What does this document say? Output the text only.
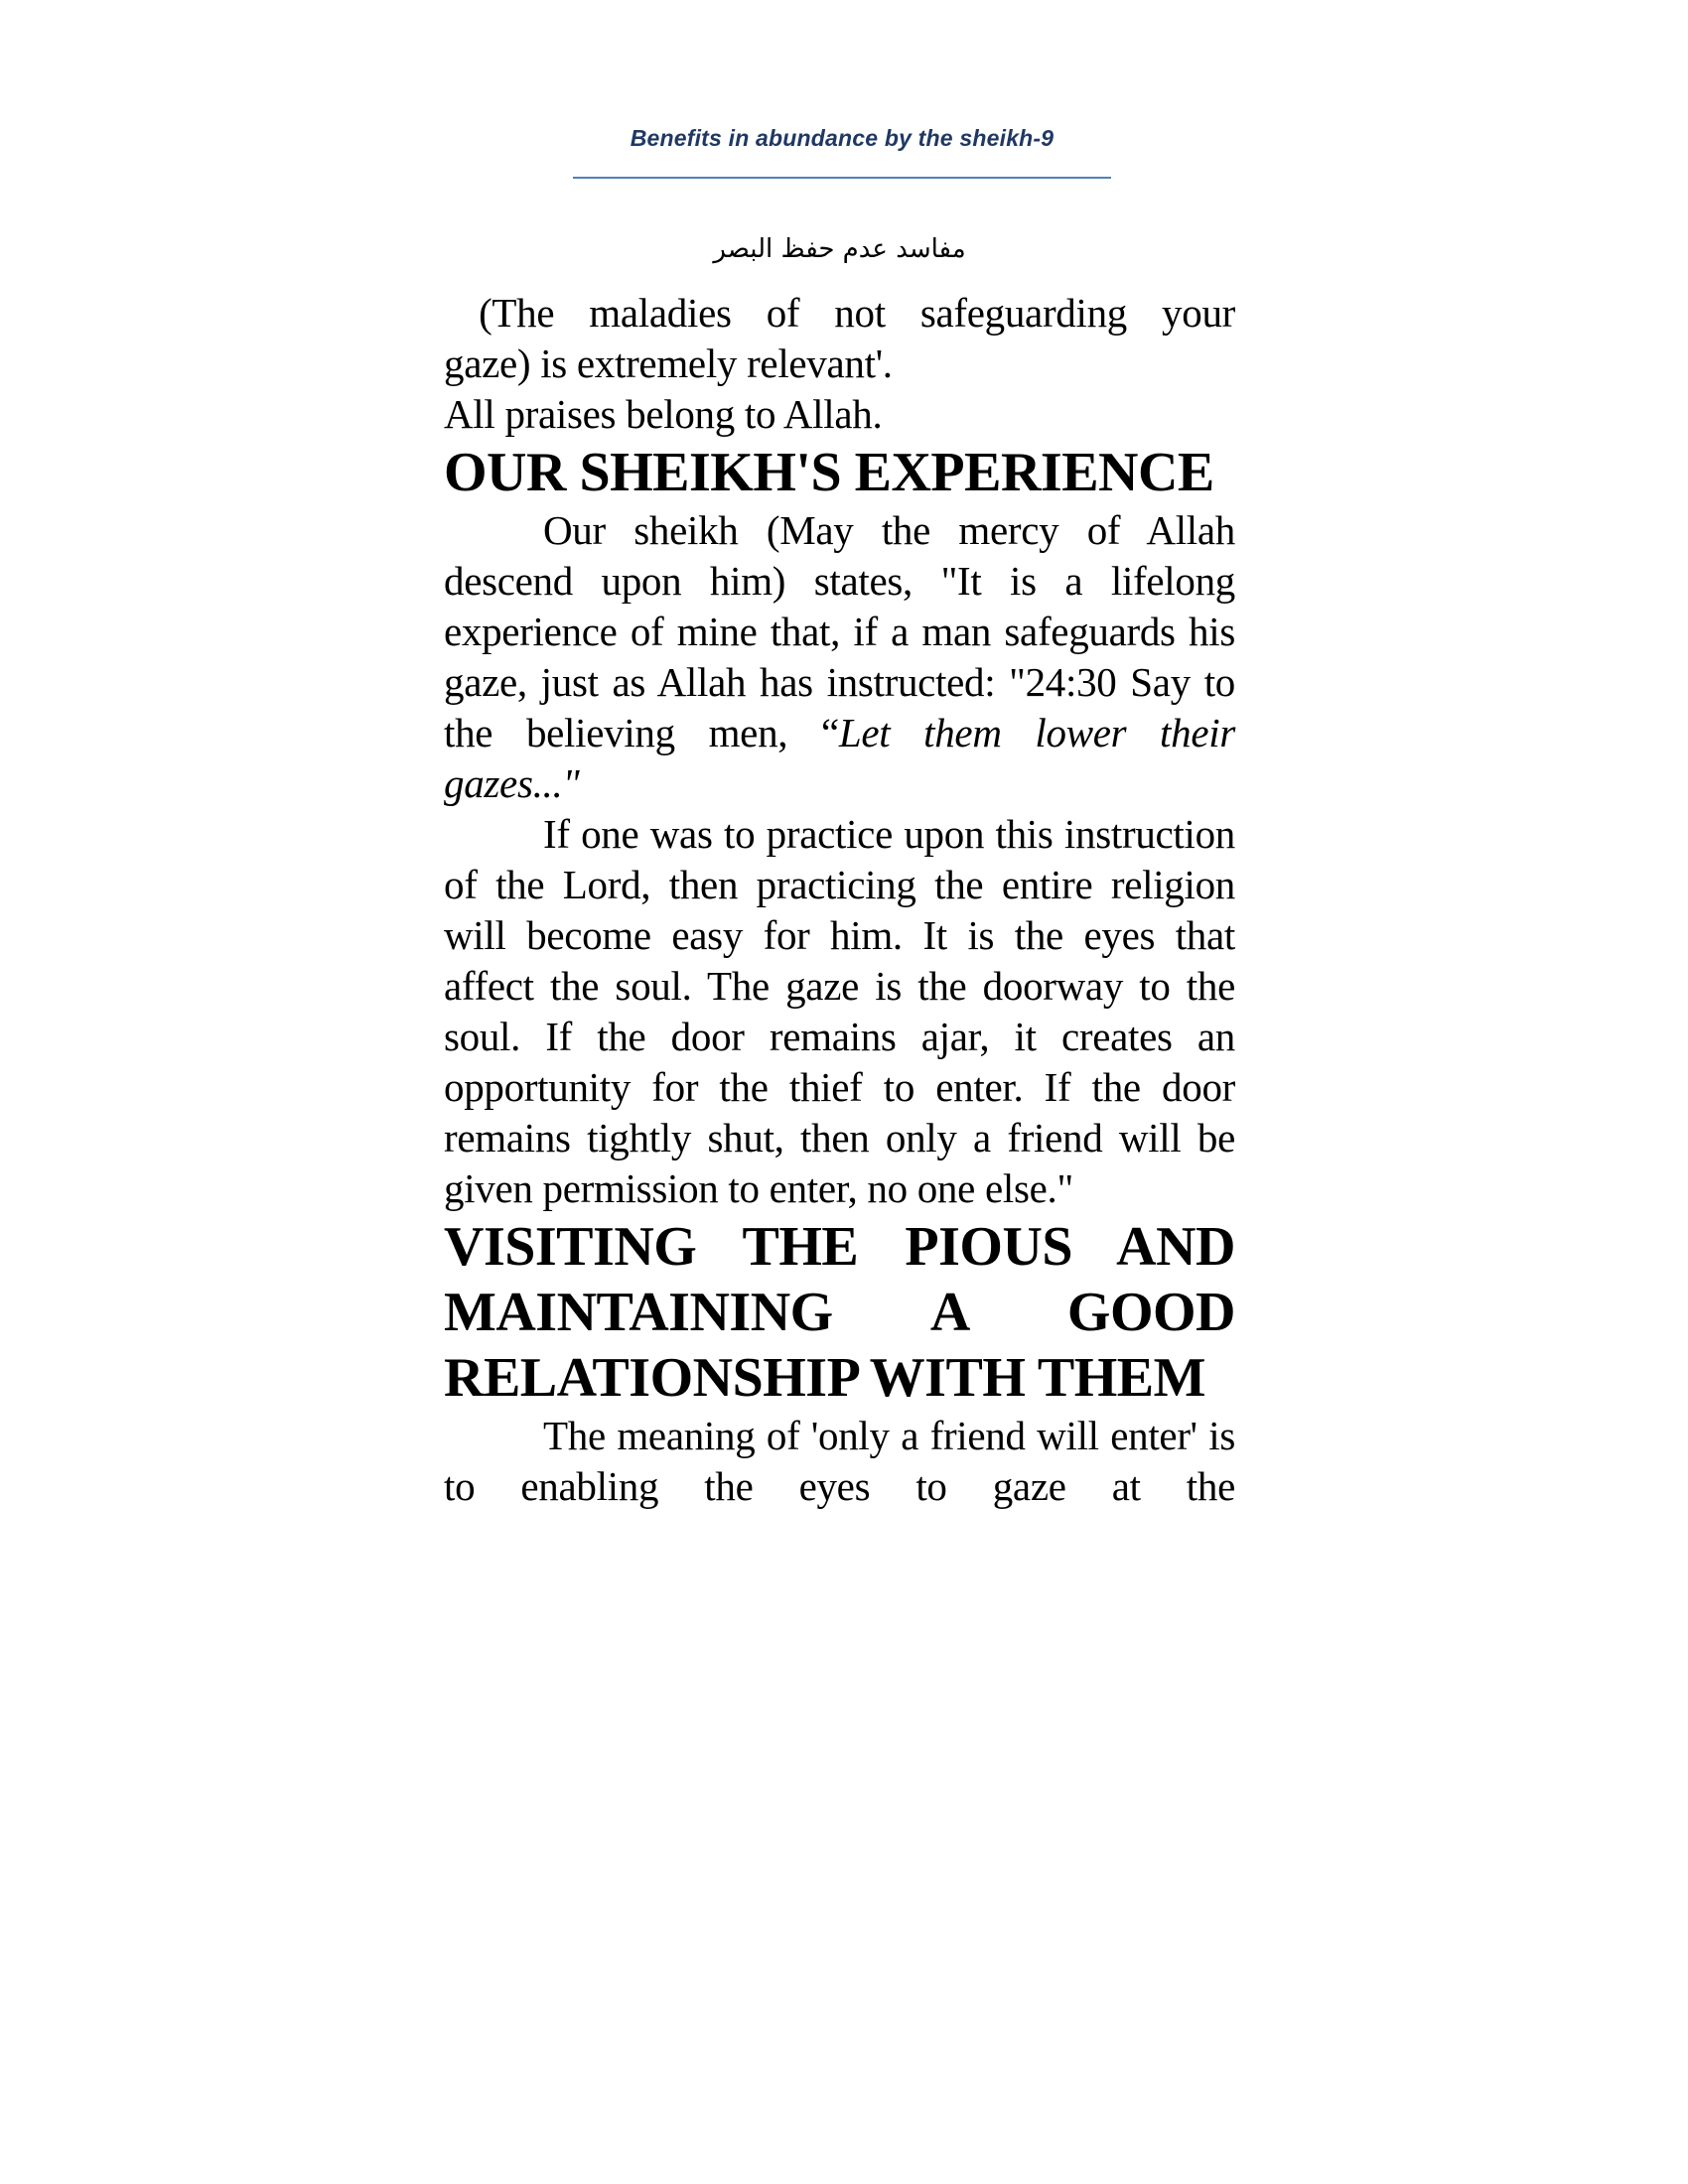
Benefits in abundance by the sheikh-9
مفاسد عدم حفظ البصر

(The maladies of not safeguarding your

gaze) is extremely relevant'.

All praises belong to Allah.

OUR SHEIKH'S EXPERIENCE

Our sheikh (May the mercy of Allah descend upon him) states, "It is a lifelong experience of mine that, if a man safeguards his gaze, just as Allah has instructed: "24:30 Say to the believing men, “Let them lower their gazes..."

If one was to practice upon this instruction of the Lord, then practicing the entire religion will become easy for him. It is the eyes that affect the soul. The gaze is the doorway to the soul. If the door remains ajar, it creates an opportunity for the thief to enter. If the door remains tightly shut, then only a friend will be given permission to enter, no one else."

VISITING THE PIOUS AND
MAINTAINING A GOOD
RELATIONSHIP WITH THEM

The meaning of 'only a friend will enter' is to enabling the eyes to gaze at the
